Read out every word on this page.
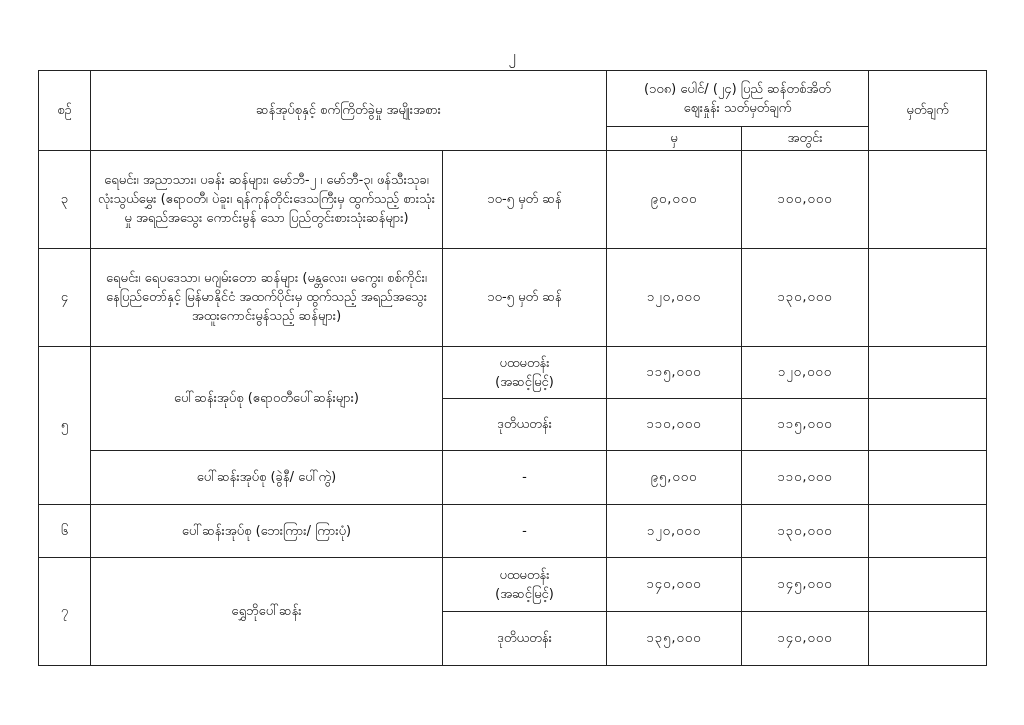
၂
စဉ်	ဆန်အုပ်စုနှင့် စက်ကြိတ်ခွဲမှု အမျိုးအစား		(၁၀၈) ပေါင်/ (၂၄) ပြည် ဆန်တစ်အိတ်
ဈေးနှုန်း သတ်မှတ်ချက်		မှတ်ချက်
			မှ	အတွင်း	
၃	ရေမင်း၊ အညာသား၊ ပခန်း ဆန်များ၊ မော်ဘီ-၂ ၊ မော်ဘီ-၃၊ ဖန်သီးသုခ၊ လုံးသွယ်မွှေး (ဧရာဝတီ၊ ပဲခူး၊ ရန်ကုန်တိုင်းဒေသကြီးမှ ထွက်သည့် စားသုံးမှု အရည်အသွေး ကောင်းမွန် သော ပြည်တွင်းစားသုံးဆန်များ)	၁၀-၅ မှတ် ဆန်	၉၀,၀၀၀	၁၀၀,၀၀၀	
၄	ရေမင်း၊ ရေပဒေသာ၊ မဂျမ်းတော ဆန်များ (မန္တလေး၊ မကွေး၊ စစ်ကိုင်း၊ နေပြည်တော်နှင့် မြန်မာနိုင်ငံ အထက်ပိုင်းမှ ထွက်သည့် အရည်အသွေး အထူးကောင်းမွန်သည့် ဆန်များ)	၁၀-၅ မှတ် ဆန်	၁၂၀,၀၀၀	၁၃၀,၀၀၀	
၅	ပေါ်ဆန်းအုပ်စု (ဧရာဝတီပေါ်ဆန်းများ)	ပထမတန်း
(အဆင့်မြင့်)	၁၁၅,၀၀၀	၁၂၀,၀၀၀	
		ဒုတိယတန်း	၁၁၀,၀၀၀	၁၁၅,၀၀၀	
	ပေါ်ဆန်းအုပ်စု (ခွဲနီ/ ပေါ်ကွဲ)	-	၉၅,၀၀၀	၁၁၀,၀၀၀	
၆	ပေါ်ဆန်းအုပ်စု (ဘေးကြား/ ကြားပုံ)	-	၁၂၀,၀၀၀	၁၃၀,၀၀၀	
၇	ရွှေဘိုပေါ်ဆန်း	ပထမတန်း
(အဆင့်မြင့်)	၁၄၀,၀၀၀	၁၄၅,၀၀၀	
		ဒုတိယတန်း	၁၃၅,၀၀၀	၁၄၀,၀၀၀	
